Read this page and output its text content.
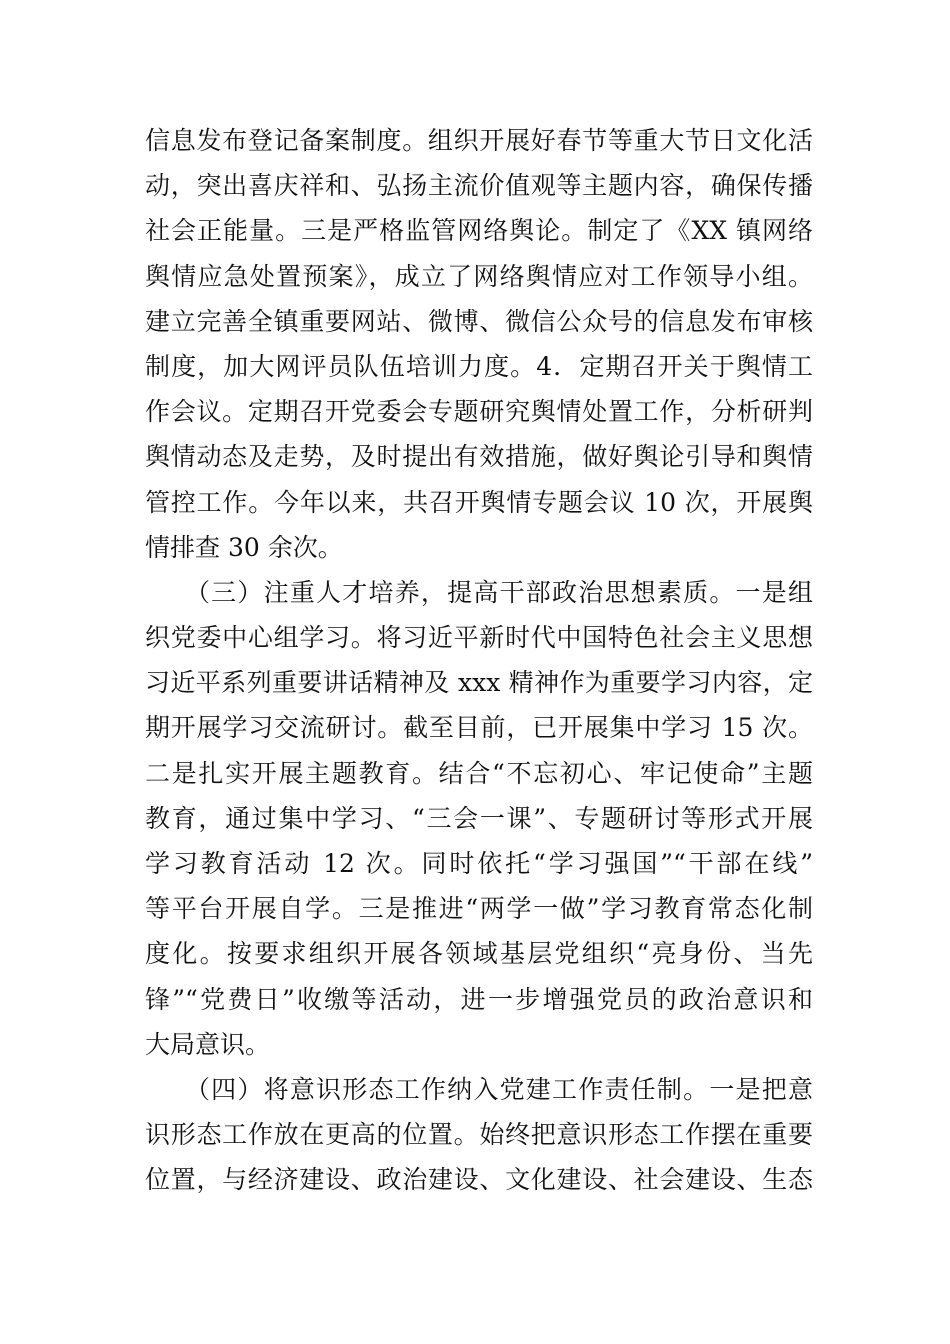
信息发布登记备案制度。组织开展好春节等重大节日文化活
动，突出喜庆祥和、弘扬主流价值观等主题内容，确保传播
社会正能量。三是严格监管网络舆论。制定了《XX 镇网络
舆情应急处置预案》，成立了网络舆情应对工作领导小组。
建立完善全镇重要网站、微博、微信公众号的信息发布审核
制度，加大网评员队伍培训力度。4．定期召开关于舆情工
作会议。定期召开党委会专题研究舆情处置工作，分析研判
舆情动态及走势，及时提出有效措施，做好舆论引导和舆情
管控工作。今年以来，共召开舆情专题会议 10 次，开展舆
情排查 30 余次。
　　（三）注重人才培养，提高干部政治思想素质。一是组
织党委中心组学习。将习近平新时代中国特色社会主义思想
习近平系列重要讲话精神及 xxx 精神作为重要学习内容，定
期开展学习交流研讨。截至目前，已开展集中学习 15 次。
二是扎实开展主题教育。结合“不忘初心、牢记使命”主题
教育，通过集中学习、“三会一课”、专题研讨等形式开展
学习教育活动 12 次。同时依托“学习强国”“干部在线”
等平台开展自学。三是推进“两学一做”学习教育常态化制
度化。按要求组织开展各领域基层党组织“亮身份、当先
锋”“党费日”收缴等活动，进一步增强党员的政治意识和
大局意识。
　　（四）将意识形态工作纳入党建工作责任制。一是把意
识形态工作放在更高的位置。始终把意识形态工作摆在重要
位置，与经济建设、政治建设、文化建设、社会建设、生态
